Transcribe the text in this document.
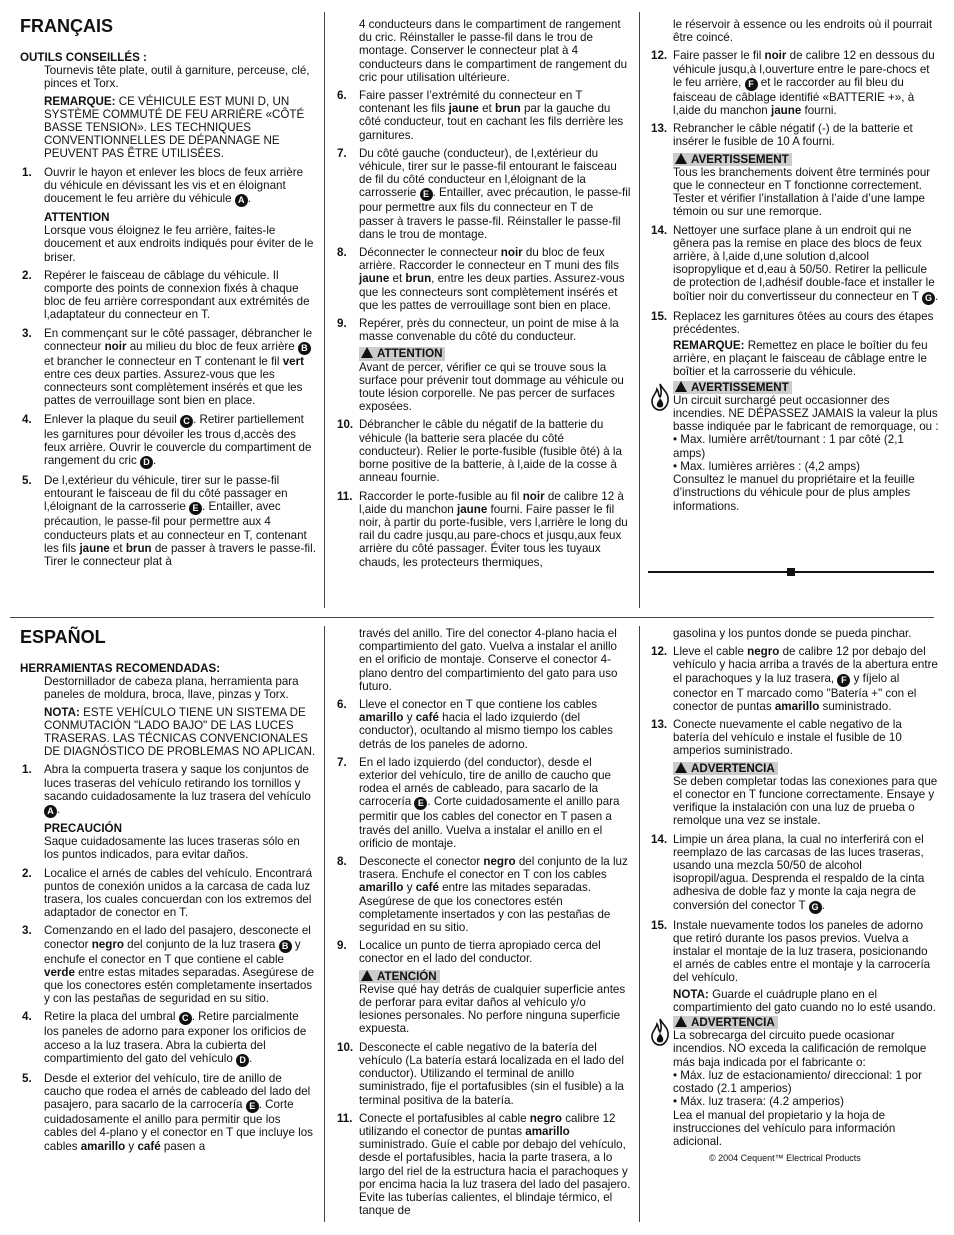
FRANÇAIS
OUTILS CONSEILLÉS :
Tournevis tête plate, outil à garniture, perceuse, clé, pinces et Torx.
REMARQUE: CE VÉHICULE EST MUNI D, UN SYSTÈME COMMUTÉ DE FEU ARRIÈRE «CÔTÉ BASSE TENSION». LES TECHNIQUES CONVENTIONNELLES DE DÉPANNAGE NE PEUVENT PAS ÊTRE UTILISÉES.
1. Ouvrir le hayon et enlever les blocs de feux arrière du véhicule en dévissant les vis et en éloignant doucement le feu arrière du véhicule A .
ATTENTION
Lorsque vous éloignez le feu arrière, faites-le doucement et aux endroits indiqués pour éviter de le briser.
2. Repérer le faisceau de câblage du véhicule. Il comporte des points de connexion fixés à chaque bloc de feu arrière correspondant aux extrémités de l,adaptateur du connecteur en T.
3. En commençant sur le côté passager, débrancher le connecteur noir au milieu du bloc de feux arrière B et brancher le connecteur en T contenant le fil vert entre ces deux parties. Assurez-vous que les connecteurs sont complètement insérés et que les pattes de verrouillage sont bien en place.
4. Enlever la plaque du seuil C . Retirer partiellement les garnitures pour dévoiler les trous d,accès des feux arrière. Ouvrir le couvercle du compartiment de rangement du cric D .
5. De l,extérieur du véhicule, tirer sur le passe-fil entourant le faisceau de fil du côté passager en l,éloignant de la carrosserie E . Entailler, avec précaution, le passe-fil pour permettre aux 4 conducteurs plats et au connecteur en T, contenant les fils jaune et brun de passer à travers le passe-fil. Tirer le connecteur plat à
4 conducteurs dans le compartiment de rangement du cric. Réinstaller le passe-fil dans le trou de montage. Conserver le connecteur plat à 4 conducteurs dans le compartiment de rangement du cric pour utilisation ultérieure.
6. Faire passer l’extrémité du connecteur en T contenant les fils jaune et brun par la gauche du côté conducteur, tout en cachant les fils derrière les garnitures.
7. Du côté gauche (conducteur), de l,extérieur du véhicule, tirer sur le passe-fil entourant le faisceau de fil du côté conducteur en l,éloignant de la carrosserie E . Entailler, avec précaution, le passe-fil pour permettre aux fils du connecteur en T de passer à travers le passe-fil. Réinstaller le passe-fil dans le trou de montage.
8. Déconnecter le connecteur noir du bloc de feux arrière. Raccorder le connecteur en T muni des fils jaune et brun, entre les deux parties. Assurez-vous que les connecteurs sont complètement insérés et que les pattes de verrouillage sont bien en place.
9. Repérer, près du connecteur, un point de mise à la masse convenable du côté du conducteur.
ATTENTION
Avant de percer, vérifier ce qui se trouve sous la surface pour prévenir tout dommage au véhicule ou toute lésion corporelle. Ne pas percer de surfaces exposées.
10. Débrancher le câble du négatif de la batterie du véhicule (la batterie sera placée du côté conducteur). Relier le porte-fusible (fusible ôté) à la borne positive de la batterie, à l,aide de la cosse à anneau fournie.
11. Raccorder le porte-fusible au fil noir de calibre 12 à l,aide du manchon jaune fourni. Faire passer le fil noir, à partir du porte-fusible, vers l,arrière le long du rail du cadre jusqu,au pare-chocs et jusqu,aux feux arrière du côté passager. Éviter tous les tuyaux chauds, les protecteurs thermiques,
le réservoir à essence ou les endroits où il pourrait être coincé.
12. Faire passer le fil noir de calibre 12 en dessous du véhicule jusqu,à l,ouverture entre le pare-chocs et le feu arrière, F et le raccorder au fil bleu du faisceau de câblage identifié «BATTERIE +», à l,aide du manchon jaune fourni.
13. Rebrancher le câble négatif (-) de la batterie et insérer le fusible de 10 A fourni.
AVERTISSEMENT
Tous les branchements doivent être terminés pour que le connecteur en T fonctionne correctement. Tester et vérifier l’installation à l’aide d’une lampe témoin ou sur une remorque.
14. Nettoyer une surface plane à un endroit qui ne gênera pas la remise en place des blocs de feux arrière, à l,aide d,une solution d,alcool isopropylique et d,eau à 50/50. Retirer la pellicule de protection de l,adhésif double-face et installer le boîtier noir du convertisseur du connecteur en T G .
15. Replacez les garnitures ôtées au cours des étapes précédentes.
REMARQUE: Remettez en place le boîtier du feu arrière, en plaçant le faisceau de câblage entre le boîtier et la carrosserie du véhicule.
AVERTISSEMENT
Un circuit surchargé peut occasionner des incendies. NE DÉPASSEZ JAMAIS la valeur la plus basse indiquée par le fabricant de remorquage, ou :
• Max. lumière arrêt/tournant : 1 par côté (2,1 amps)
• Max. lumières arrières : (4,2 amps)
Consultez le manuel du propriétaire et la feuille d’instructions du véhicule pour de plus amples informations.
ESPAÑOL
HERRAMIENTAS RECOMENDADAS:
Destornillador de cabeza plana, herramienta para paneles de moldura, broca, llave, pinzas y Torx.
NOTA: ESTE VEHÍCULO TIENE UN SISTEMA DE CONMUTACIÓN "LADO BAJO" DE LAS LUCES TRASERAS. LAS TÉCNICAS CONVENCIONALES DE DIAGNÓSTICO DE PROBLEMAS NO APLICAN.
1. Abra la compuerta trasera y saque los conjuntos de luces traseras del vehículo retirando los tornillos y sacando cuidadosamente la luz trasera del vehículo A .
PRECAUCIÓN
Saque cuidadosamente las luces traseras sólo en los puntos indicados, para evitar daños.
2. Localice el arnés de cables del vehículo. Encontrará puntos de conexión unidos a la carcasa de cada luz trasera, los cuales concuerdan con los extremos del adaptador de conector en T.
3. Comenzando en el lado del pasajero, desconecte el conector negro del conjunto de la luz trasera B y enchufe el conector en T que contiene el cable verde entre estas mitades separadas. Asegúrese de que los conectores estén completamente insertados y con las pestañas de seguridad en su sitio.
4. Retire la placa del umbral C . Retire parcialmente los paneles de adorno para exponer los orificios de acceso a la luz trasera. Abra la cubierta del compartimiento del gato del vehículo D .
5. Desde el exterior del vehículo, tire de anillo de caucho que rodea el arnés de cableado del lado del pasajero, para sacarlo de la carrocería E . Corte cuidadosamente el anillo para permitir que los cables del 4-plano y el conector en T que incluye los cables amarillo y café pasen a
través del anillo. Tire del conector 4-plano hacia el compartimiento del gato. Vuelva a instalar el anillo en el orificio de montaje. Conserve el conector 4-plano dentro del compartimiento del gato para uso futuro.
6. Lleve el conector en T que contiene los cables amarillo y café hacia el lado izquierdo (del conductor), ocultando al mismo tiempo los cables detrás de los paneles de adorno.
7. En el lado izquierdo (del conductor), desde el exterior del vehículo, tire de anillo de caucho que rodea el arnés de cableado, para sacarlo de la carrocería E . Corte cuidadosamente el anillo para permitir que los cables del conector en T pasen a través del anillo. Vuelva a instalar el anillo en el orificio de montaje.
8. Desconecte el conector negro del conjunto de la luz trasera. Enchufe el conector en T con los cables amarillo y café entre las mitades separadas. Asegúrese de que los conectores estén completamente insertados y con las pestañas de seguridad en su sitio.
9. Localice un punto de tierra apropiado cerca del conector en el lado del conductor.
ATENCIÓN
Revise qué hay detrás de cualquier superficie antes de perforar para evitar daños al vehículo y/o lesiones personales. No perfore ninguna superficie expuesta.
10. Desconecte el cable negativo de la batería del vehículo (La batería estará localizada en el lado del conductor). Utilizando el terminal de anillo suministrado, fije el portafusibles (sin el fusible) a la terminal positiva de la batería.
11. Conecte el portafusibles al cable negro calibre 12 utilizando el conector de puntas amarillo suministrado. Guíe el cable por debajo del vehículo, desde el portafusibles, hacia la parte trasera, a lo largo del riel de la estructura hacia el parachoques y por encima hacia la luz trasera del lado del pasajero. Evite las tuberías calientes, el blindaje térmico, el tanque de
gasolina y los puntos donde se pueda pinchar.
12. Lleve el cable negro de calibre 12 por debajo del vehículo y hacia arriba a través de la abertura entre el parachoques y la luz trasera, F y fíjelo al conector en T marcado como "Batería +" con el conector de puntas amarillo suministrado.
13. Conecte nuevamente el cable negativo de la batería del vehículo e instale el fusible de 10 amperios suministrado.
ADVERTENCIA
Se deben completar todas las conexiones para que el conector en T funcione correctamente. Ensaye y verifique la instalación con una luz de prueba o remolque una vez se instale.
14. Limpie un área plana, la cual no interferirá con el reemplazo de las carcasas de las luces traseras, usando una mezcla 50/50 de alcohol isopropil/agua. Desprenda el respaldo de la cinta adhesiva de doble faz y monte la caja negra de conversión del conector T G .
15. Instale nuevamente todos los paneles de adorno que retiró durante los pasos previos. Vuelva a instalar el montaje de la luz trasera, posicionando el arnés de cables entre el montaje y la carrocería del vehículo.
NOTA: Guarde el cuádruple plano en el compartimiento del gato cuando no lo esté usando.
ADVERTENCIA
La sobrecarga del circuito puede ocasionar incendios. NO exceda la calificación de remolque más baja indicada por el fabricante o:
• Máx. luz de estacionamiento/ direccional: 1 por costado (2.1 amperios)
• Máx. luz trasera: (4.2 amperios)
Lea el manual del propietario y la hoja de instrucciones del vehículo para información adicional.
© 2004 Cequent™ Electrical Products
